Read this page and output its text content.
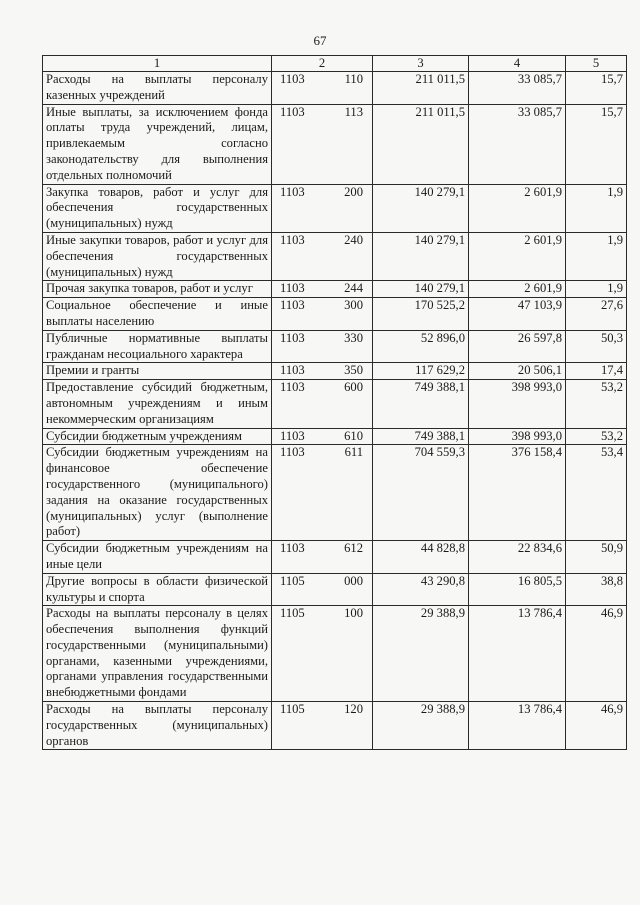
67
1	2	3	4	5
Расходы на выплаты персоналу казенных учреждений	1103 110	211 011,5	33 085,7	15,7
Иные выплаты, за исключением фонда оплаты труда учреждений, лицам, привлекаемым согласно законодательству для выполнения отдельных полномочий	1103 113	211 011,5	33 085,7	15,7
Закупка товаров, работ и услуг для обеспечения государственных (муниципальных) нужд	1103 200	140 279,1	2 601,9	1,9
Иные закупки товаров, работ и услуг для обеспечения государственных (муниципальных) нужд	1103 240	140 279,1	2 601,9	1,9
Прочая закупка товаров, работ и услуг	1103 244	140 279,1	2 601,9	1,9
Социальное обеспечение и иные выплаты населению	1103 300	170 525,2	47 103,9	27,6
Публичные нормативные выплаты гражданам несоциального характера	1103 330	52 896,0	26 597,8	50,3
Премии и гранты	1103 350	117 629,2	20 506,1	17,4
Предоставление субсидий бюджетным, автономным учреждениям и иным некоммерческим организациям	1103 600	749 388,1	398 993,0	53,2
Субсидии бюджетным учреждениям	1103 610	749 388,1	398 993,0	53,2
Субсидии бюджетным учреждениям на финансовое обеспечение государственного (муниципального) задания на оказание государственных (муниципальных) услуг (выполнение работ)	1103 611	704 559,3	376 158,4	53,4
Субсидии бюджетным учреждениям на иные цели	1103 612	44 828,8	22 834,6	50,9
Другие вопросы в области физической культуры и спорта	1105 000	43 290,8	16 805,5	38,8
Расходы на выплаты персоналу в целях обеспечения выполнения функций государственными (муниципальными) органами, казенными учреждениями, органами управления государственными внебюджетными фондами	1105 100	29 388,9	13 786,4	46,9
Расходы на выплаты персоналу государственных (муниципальных) органов	1105 120	29 388,9	13 786,4	46,9
